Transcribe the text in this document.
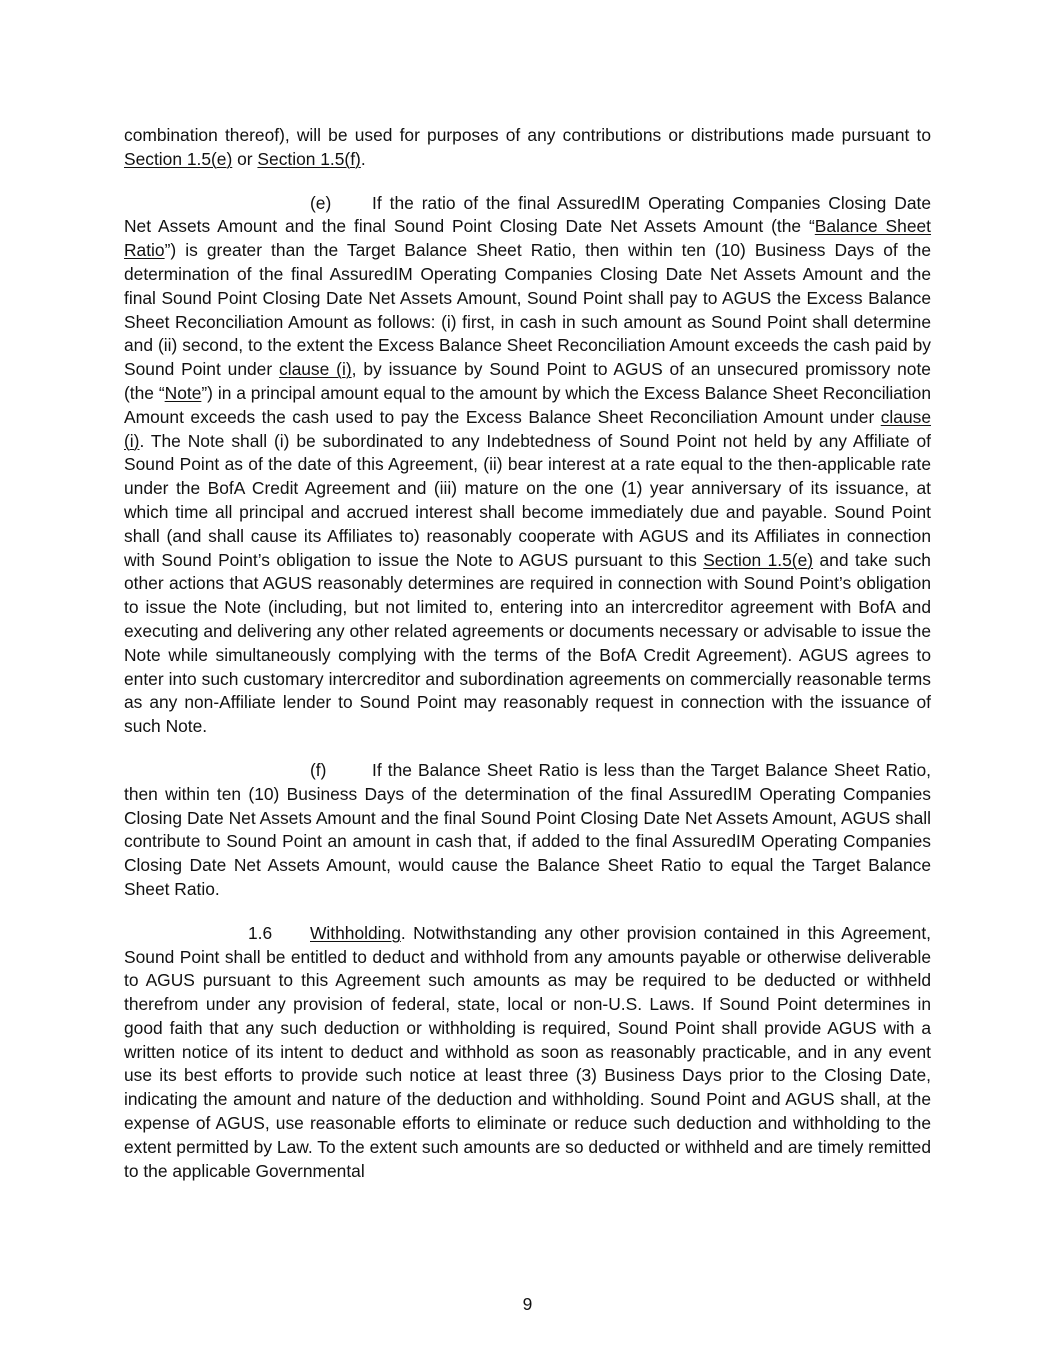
combination thereof), will be used for purposes of any contributions or distributions made pursuant to Section 1.5(e) or Section 1.5(f).

(e) If the ratio of the final AssuredIM Operating Companies Closing Date Net Assets Amount and the final Sound Point Closing Date Net Assets Amount (the “Balance Sheet Ratio”) is greater than the Target Balance Sheet Ratio, then within ten (10) Business Days of the determination of the final AssuredIM Operating Companies Closing Date Net Assets Amount and the final Sound Point Closing Date Net Assets Amount, Sound Point shall pay to AGUS the Excess Balance Sheet Reconciliation Amount as follows: (i) first, in cash in such amount as Sound Point shall determine and (ii) second, to the extent the Excess Balance Sheet Reconciliation Amount exceeds the cash paid by Sound Point under clause (i), by issuance by Sound Point to AGUS of an unsecured promissory note (the “Note”) in a principal amount equal to the amount by which the Excess Balance Sheet Reconciliation Amount exceeds the cash used to pay the Excess Balance Sheet Reconciliation Amount under clause (i). The Note shall (i) be subordinated to any Indebtedness of Sound Point not held by any Affiliate of Sound Point as of the date of this Agreement, (ii) bear interest at a rate equal to the then-applicable rate under the BofA Credit Agreement and (iii) mature on the one (1) year anniversary of its issuance, at which time all principal and accrued interest shall become immediately due and payable. Sound Point shall (and shall cause its Affiliates to) reasonably cooperate with AGUS and its Affiliates in connection with Sound Point’s obligation to issue the Note to AGUS pursuant to this Section 1.5(e) and take such other actions that AGUS reasonably determines are required in connection with Sound Point’s obligation to issue the Note (including, but not limited to, entering into an intercreditor agreement with BofA and executing and delivering any other related agreements or documents necessary or advisable to issue the Note while simultaneously complying with the terms of the BofA Credit Agreement). AGUS agrees to enter into such customary intercreditor and subordination agreements on commercially reasonable terms as any non-Affiliate lender to Sound Point may reasonably request in connection with the issuance of such Note.

(f)	If the Balance Sheet Ratio is less than the Target Balance Sheet Ratio, then within ten (10) Business Days of the determination of the final AssuredIM Operating Companies Closing Date Net Assets Amount and the final Sound Point Closing Date Net Assets Amount, AGUS shall contribute to Sound Point an amount in cash that, if added to the final AssuredIM Operating Companies Closing Date Net Assets Amount, would cause the Balance Sheet Ratio to equal the Target Balance Sheet Ratio.

1.6 Withholding. Notwithstanding any other provision contained in this Agreement, Sound Point shall be entitled to deduct and withhold from any amounts payable or otherwise deliverable to AGUS pursuant to this Agreement such amounts as may be required to be deducted or withheld therefrom under any provision of federal, state, local or non-U.S. Laws. If Sound Point determines in good faith that any such deduction or withholding is required, Sound Point shall provide AGUS with a written notice of its intent to deduct and withhold as soon as reasonably practicable, and in any event use its best efforts to provide such notice at least three (3) Business Days prior to the Closing Date, indicating the amount and nature of the deduction and withholding. Sound Point and AGUS shall, at the expense of AGUS, use reasonable efforts to eliminate or reduce such deduction and withholding to the extent permitted by Law. To the extent such amounts are so deducted or withheld and are timely remitted to the applicable Governmental

9
